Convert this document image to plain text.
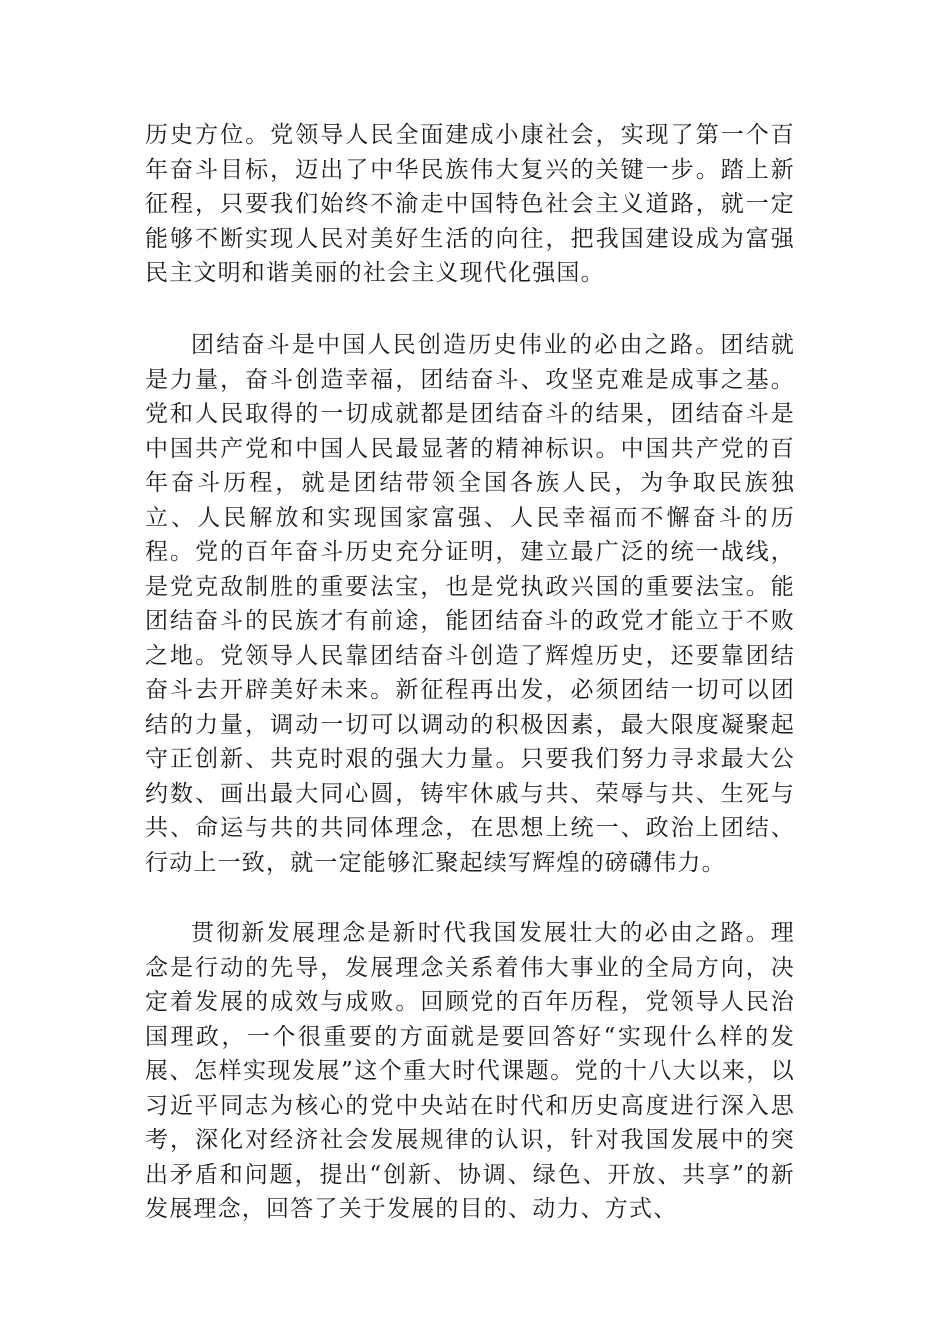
历史方位。党领导人民全面建成小康社会，实现了第一个百年奋斗目标，迈出了中华民族伟大复兴的关键一步。踏上新征程，只要我们始终不渝走中国特色社会主义道路，就一定能够不断实现人民对美好生活的向往，把我国建设成为富强民主文明和谐美丽的社会主义现代化强国。

团结奋斗是中国人民创造历史伟业的必由之路。团结就是力量，奋斗创造幸福，团结奋斗、攻坚克难是成事之基。党和人民取得的一切成就都是团结奋斗的结果，团结奋斗是中国共产党和中国人民最显著的精神标识。中国共产党的百年奋斗历程，就是团结带领全国各族人民，为争取民族独立、人民解放和实现国家富强、人民幸福而不懈奋斗的历程。党的百年奋斗历史充分证明，建立最广泛的统一战线，是党克敌制胜的重要法宝，也是党执政兴国的重要法宝。能团结奋斗的民族才有前途，能团结奋斗的政党才能立于不败之地。党领导人民靠团结奋斗创造了辉煌历史，还要靠团结奋斗去开辟美好未来。新征程再出发，必须团结一切可以团结的力量，调动一切可以调动的积极因素，最大限度凝聚起守正创新、共克时艰的强大力量。只要我们努力寻求最大公约数、画出最大同心圆，铸牢休戚与共、荣辱与共、生死与共、命运与共的共同体理念，在思想上统一、政治上团结、行动上一致，就一定能够汇聚起续写辉煌的磅礴伟力。

贯彻新发展理念是新时代我国发展壮大的必由之路。理念是行动的先导，发展理念关系着伟大事业的全局方向，决定着发展的成效与成败。回顾党的百年历程，党领导人民治国理政，一个很重要的方面就是要回答好“实现什么样的发展、怎样实现发展”这个重大时代课题。党的十八大以来，以习近平同志为核心的党中央站在时代和历史高度进行深入思考，深化对经济社会发展规律的认识，针对我国发展中的突出矛盾和问题，提出“创新、协调、绿色、开放、共享”的新发展理念，回答了关于发展的目的、动力、方式、
